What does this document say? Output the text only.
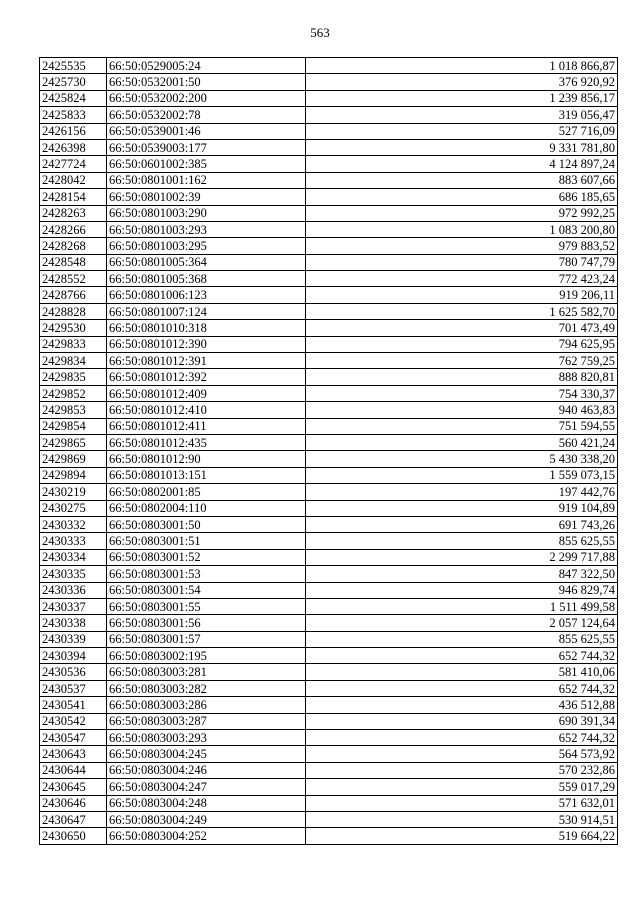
563
2425535	66:50:0529005:24	1 018 866,87
2425730	66:50:0532001:50	376 920,92
2425824	66:50:0532002:200	1 239 856,17
2425833	66:50:0532002:78	319 056,47
2426156	66:50:0539001:46	527 716,09
2426398	66:50:0539003:177	9 331 781,80
2427724	66:50:0601002:385	4 124 897,24
2428042	66:50:0801001:162	883 607,66
2428154	66:50:0801002:39	686 185,65
2428263	66:50:0801003:290	972 992,25
2428266	66:50:0801003:293	1 083 200,80
2428268	66:50:0801003:295	979 883,52
2428548	66:50:0801005:364	780 747,79
2428552	66:50:0801005:368	772 423,24
2428766	66:50:0801006:123	919 206,11
2428828	66:50:0801007:124	1 625 582,70
2429530	66:50:0801010:318	701 473,49
2429833	66:50:0801012:390	794 625,95
2429834	66:50:0801012:391	762 759,25
2429835	66:50:0801012:392	888 820,81
2429852	66:50:0801012:409	754 330,37
2429853	66:50:0801012:410	940 463,83
2429854	66:50:0801012:411	751 594,55
2429865	66:50:0801012:435	560 421,24
2429869	66:50:0801012:90	5 430 338,20
2429894	66:50:0801013:151	1 559 073,15
2430219	66:50:0802001:85	197 442,76
2430275	66:50:0802004:110	919 104,89
2430332	66:50:0803001:50	691 743,26
2430333	66:50:0803001:51	855 625,55
2430334	66:50:0803001:52	2 299 717,88
2430335	66:50:0803001:53	847 322,50
2430336	66:50:0803001:54	946 829,74
2430337	66:50:0803001:55	1 511 499,58
2430338	66:50:0803001:56	2 057 124,64
2430339	66:50:0803001:57	855 625,55
2430394	66:50:0803002:195	652 744,32
2430536	66:50:0803003:281	581 410,06
2430537	66:50:0803003:282	652 744,32
2430541	66:50:0803003:286	436 512,88
2430542	66:50:0803003:287	690 391,34
2430547	66:50:0803003:293	652 744,32
2430643	66:50:0803004:245	564 573,92
2430644	66:50:0803004:246	570 232,86
2430645	66:50:0803004:247	559 017,29
2430646	66:50:0803004:248	571 632,01
2430647	66:50:0803004:249	530 914,51
2430650	66:50:0803004:252	519 664,22
